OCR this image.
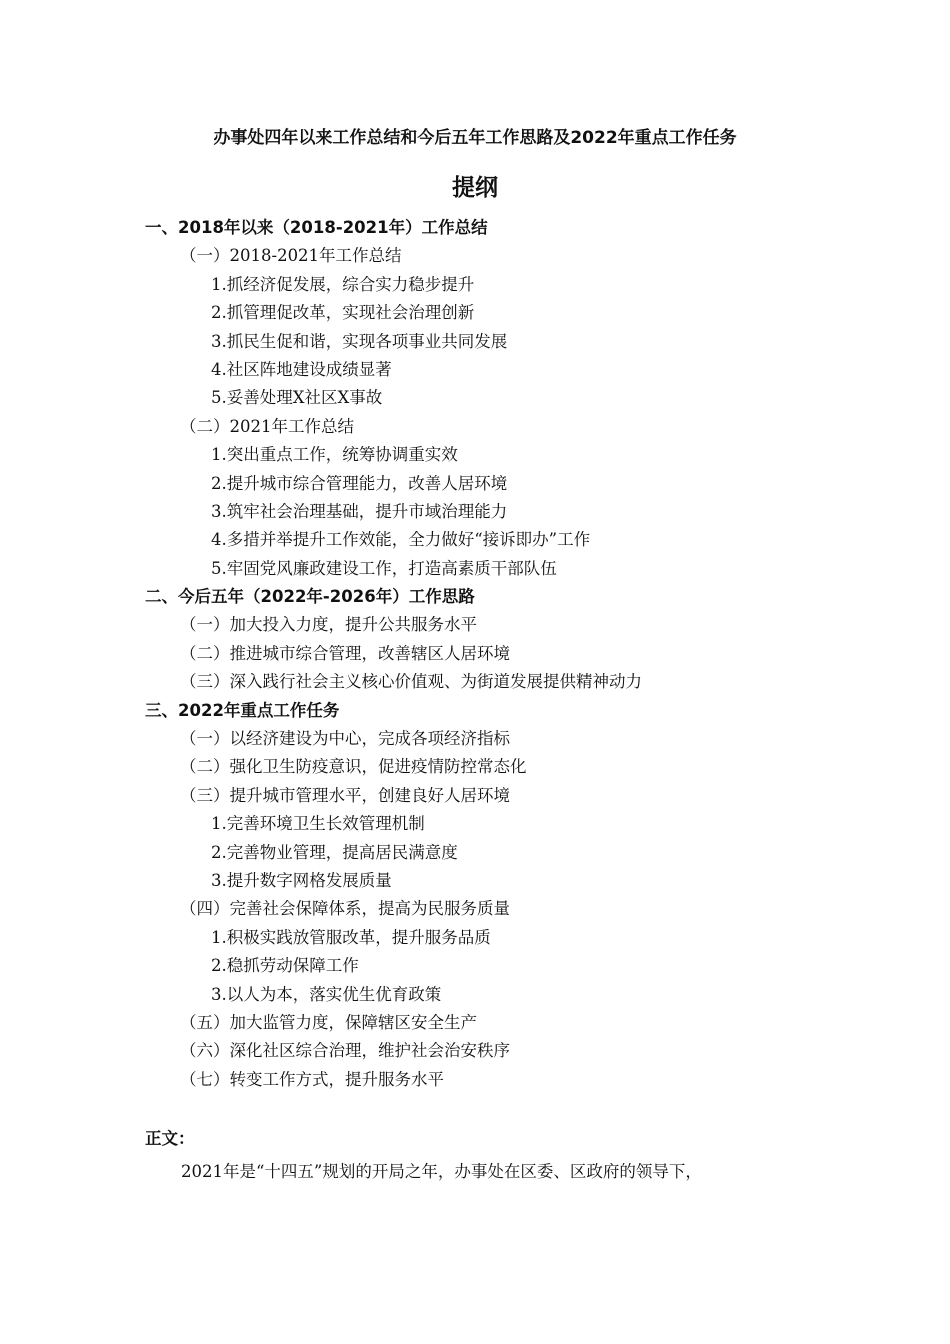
办事处四年以来工作总结和今后五年工作思路及2022年重点工作任务
提纲
一、2018年以来（2018-2021年）工作总结
（一）2018-2021年工作总结
1.抓经济促发展，综合实力稳步提升
2.抓管理促改革，实现社会治理创新
3.抓民生促和谐，实现各项事业共同发展
4.社区阵地建设成绩显著
5.妥善处理X社区X事故
（二）2021年工作总结
1.突出重点工作，统筹协调重实效
2.提升城市综合管理能力，改善人居环境
3.筑牢社会治理基础，提升市域治理能力
4.多措并举提升工作效能，全力做好“接诉即办”工作
5.牢固党风廉政建设工作，打造高素质干部队伍
二、今后五年（2022年-2026年）工作思路
（一）加大投入力度，提升公共服务水平
（二）推进城市综合管理，改善辖区人居环境
（三）深入践行社会主义核心价值观、为街道发展提供精神动力
三、2022年重点工作任务
（一）以经济建设为中心，完成各项经济指标
（二）强化卫生防疫意识，促进疫情防控常态化
（三）提升城市管理水平，创建良好人居环境
1.完善环境卫生长效管理机制
2.完善物业管理，提高居民满意度
3.提升数字网格发展质量
（四）完善社会保障体系，提高为民服务质量
1.积极实践放管服改革，提升服务品质
2.稳抓劳动保障工作
3.以人为本，落实优生优育政策
（五）加大监管力度，保障辖区安全生产
（六）深化社区综合治理，维护社会治安秩序
（七）转变工作方式，提升服务水平

正文：

2021年是“十四五”规划的开局之年，办事处在区委、区政府的领导下，
